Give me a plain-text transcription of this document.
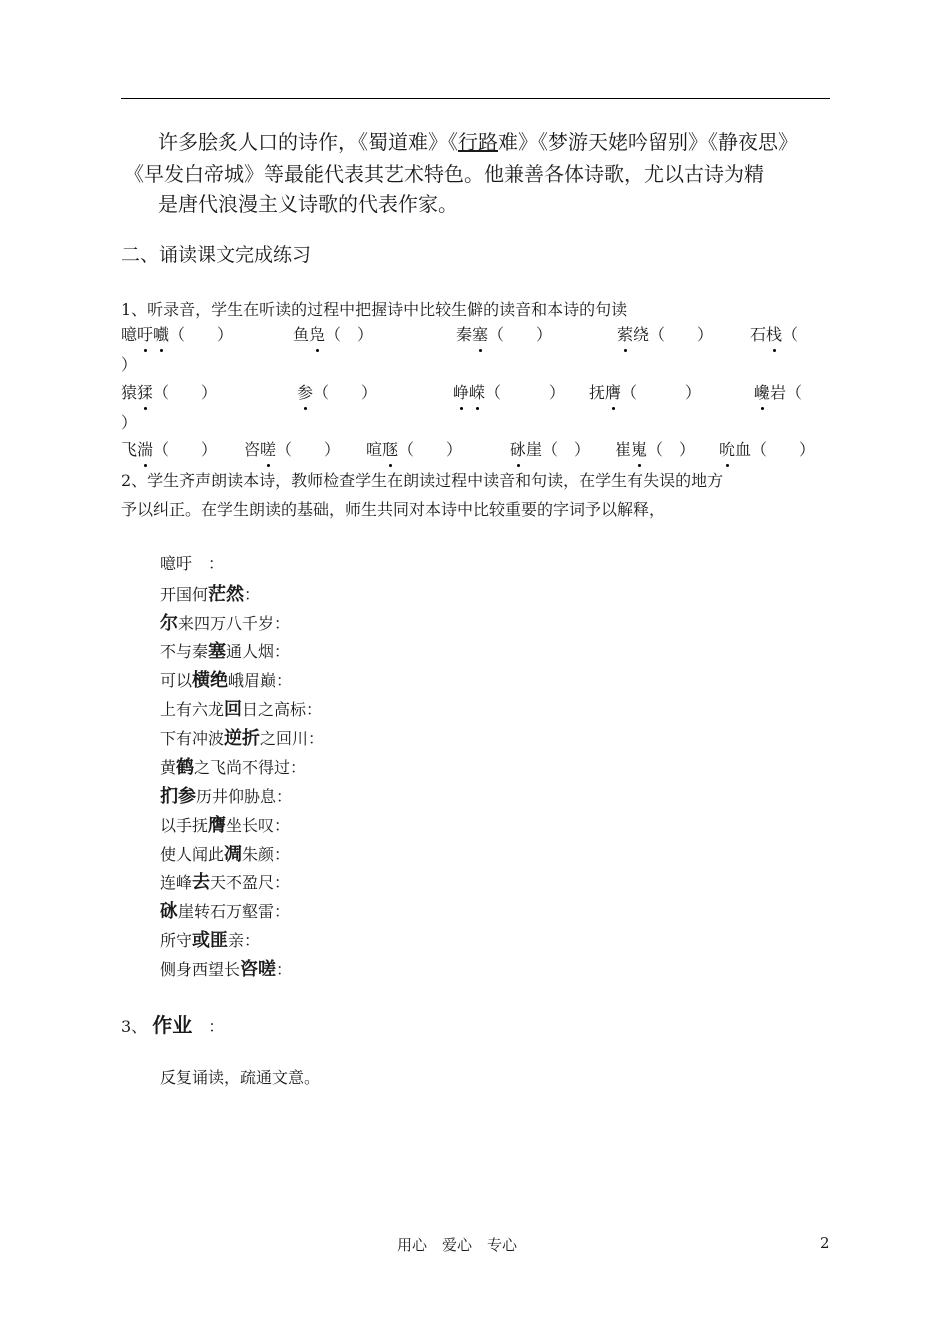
许多脍炙人口的诗作，《蜀道难》《行路难》《梦游天姥吟留别》《静夜思》
《早发白帝城》等最能代表其艺术特色。他兼善各体诗歌，尤以古诗为精
是唐代浪漫主义诗歌的代表作家。
二、诵读课文完成练习
1、听录音，学生在听读的过程中把握诗中比较生僻的读音和本诗的句读
噫吁嚱（　　）	鱼凫（　）	秦塞（　　）	萦绕（　　） 石栈（
）
猿猱（　　）	参（　　）	峥嵘（　　　） 抚膺（　　　）	巉岩（
）
飞湍（　　） 咨嗟（　　） 喧豗（　　）	砯崖（　） 崔嵬（　） 吮血（　　）
2、学生齐声朗读本诗，教师检查学生在朗读过程中读音和句读，在学生有失误的地方
予以纠正。在学生朗读的基础，师生共同对本诗中比较重要的字词予以解释，
噫吁　：
开国何茫然：
尔来四万八千岁：
不与秦塞通人烟：
可以横绝峨眉巅：
上有六龙回日之高标：
下有冲波逆折之回川：
黄鹤之飞尚不得过：
扪参历井仰胁息：
以手抚膺坐长叹：
使人闻此凋朱颜：
连峰去天不盈尺：
砯崖转石万壑雷：
所守或匪亲：
侧身西望长咨嗟：
3、 作业　：
反复诵读，疏通文意。
用心　爱心　专心	2
